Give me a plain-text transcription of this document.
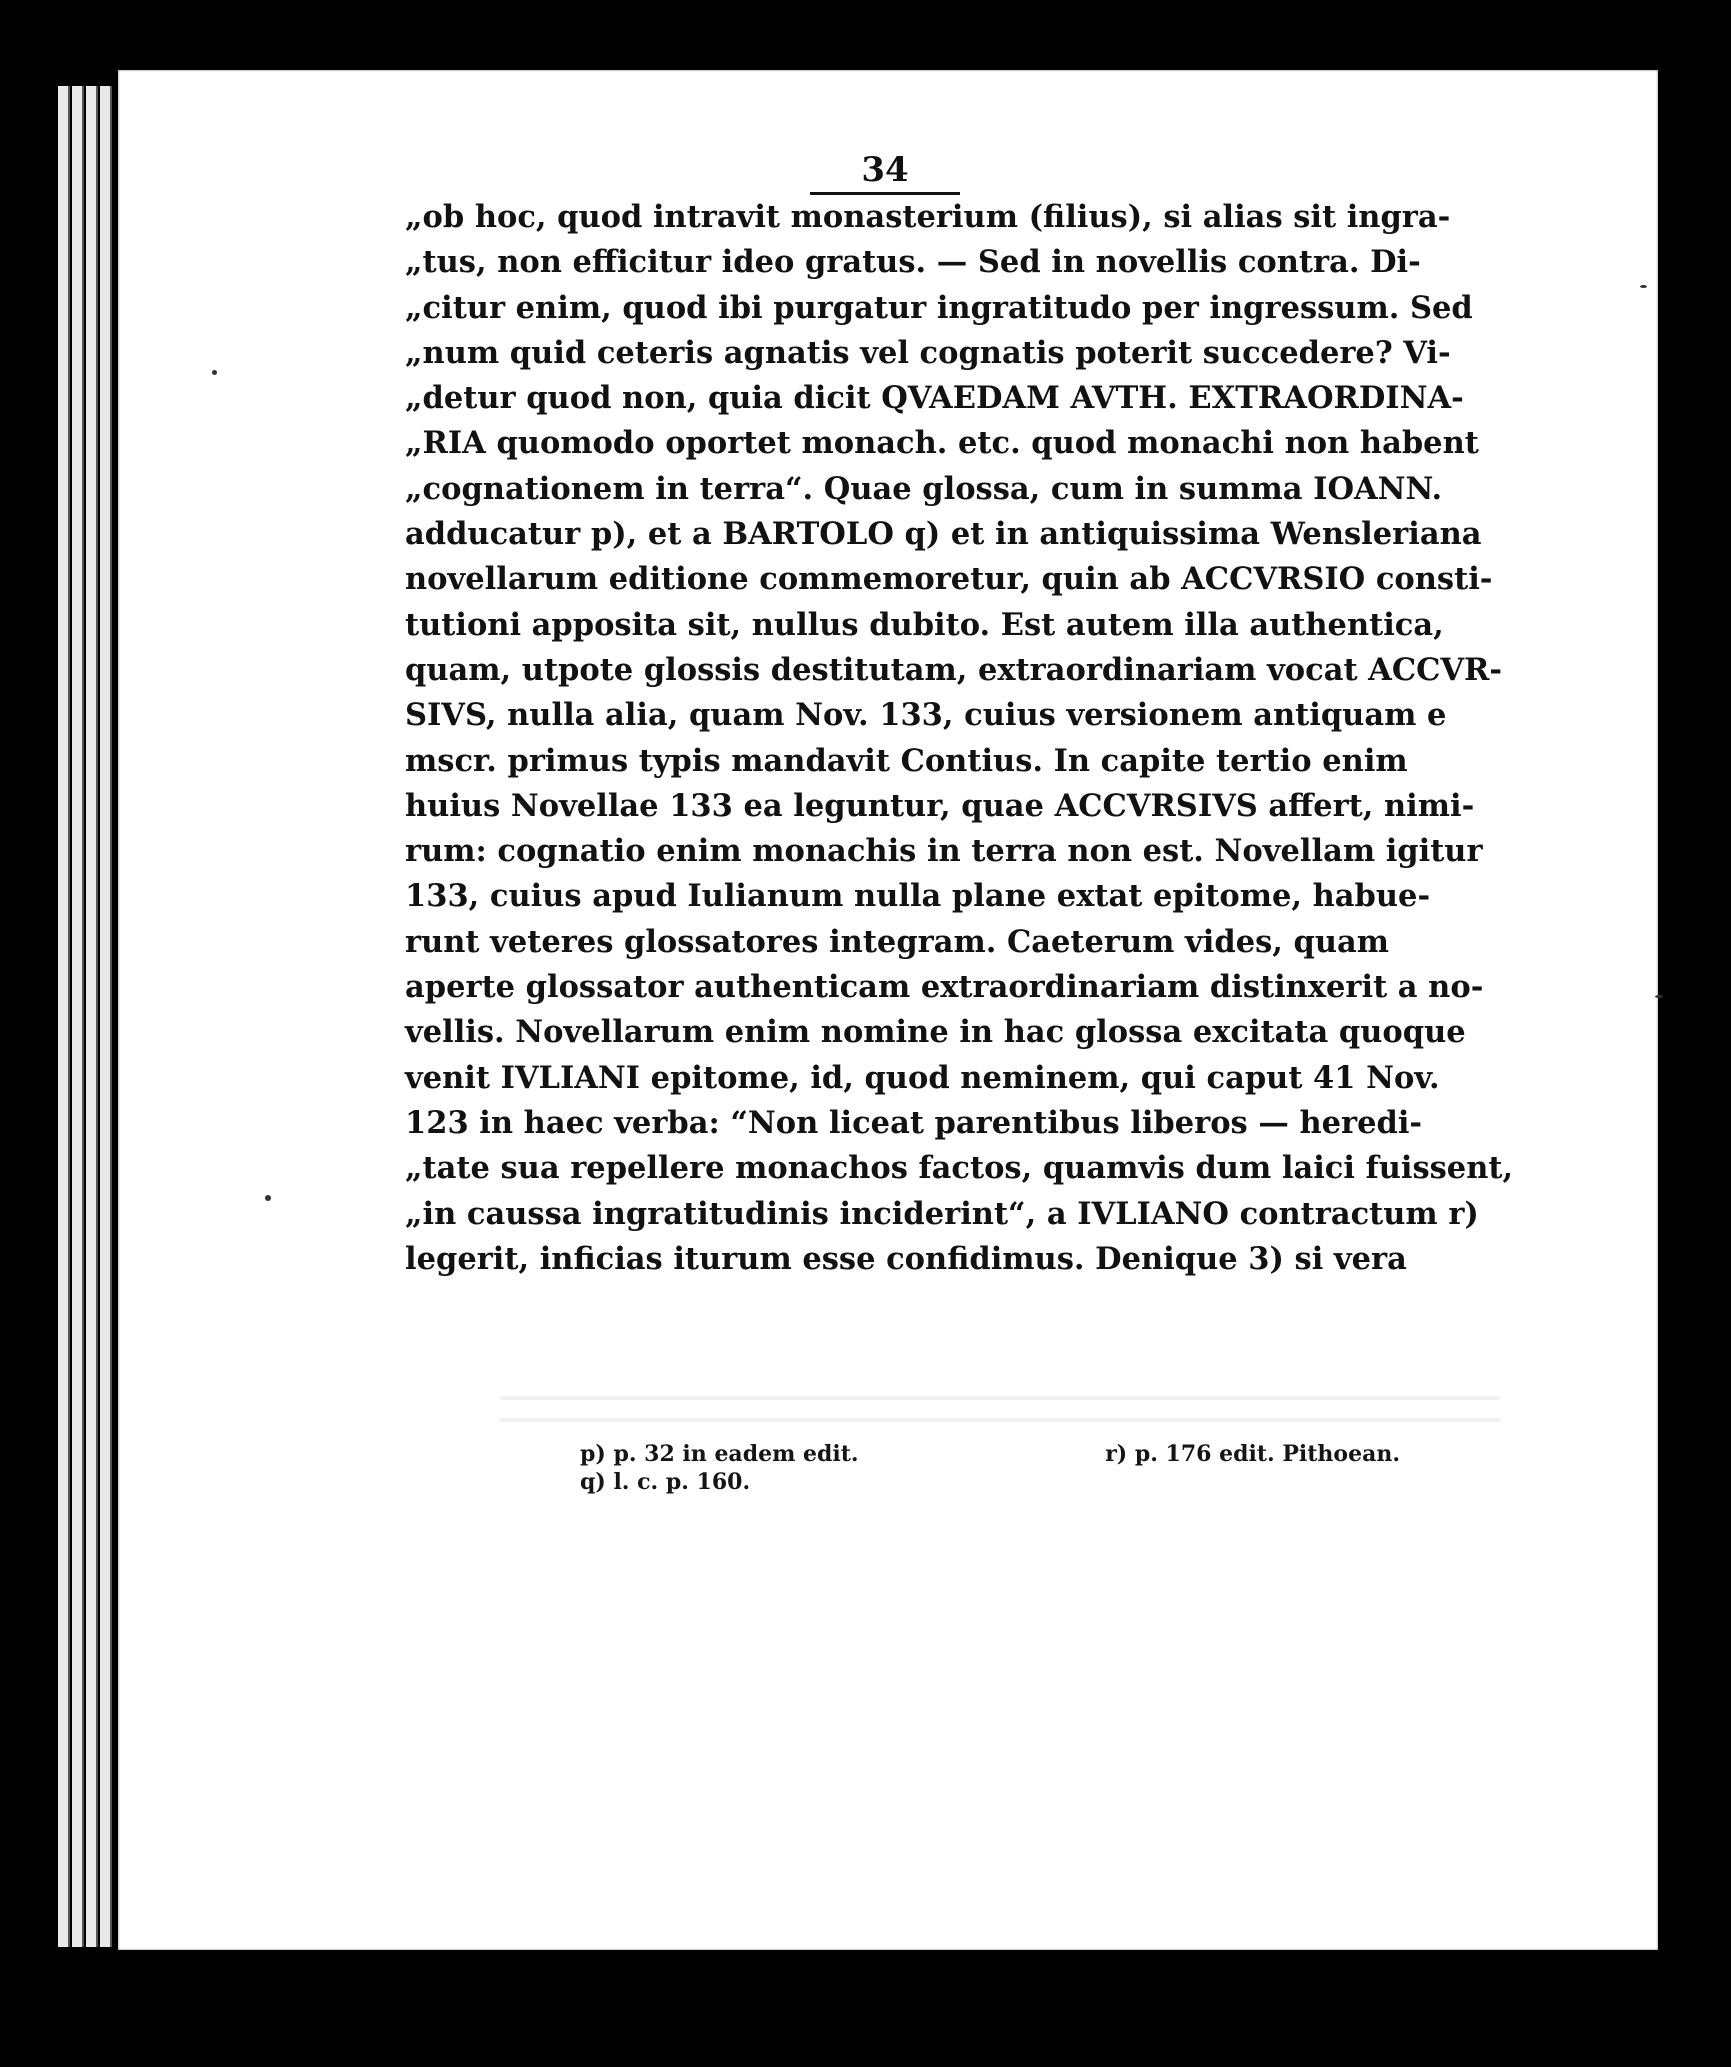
34
„ob hoc, quod intravit monasterium (filius), si alias sit ingra-
„tus, non efficitur ideo gratus. — Sed in novellis contra. Di-
„citur enim, quod ibi purgatur ingratitudo per ingressum. Sed
„num quid ceteris agnatis vel cognatis poterit succedere? Vi-
„detur quod non, quia dicit QVAEDAM AVTH. EXTRAORDINA-
„RIA quomodo oportet monach. etc. quod monachi non habent
„cognationem in terra“. Quae glossa, cum in summa IOANN.
adducatur p), et a BARTOLO q) et in antiquissima Wensleriana
novellarum editione commemoretur, quin ab ACCVRSIO consti-
tutioni apposita sit, nullus dubito. Est autem illa authentica,
quam, utpote glossis destitutam, extraordinariam vocat ACCVR-
SIVS, nulla alia, quam Nov. 133, cuius versionem antiquam e
mscr. primus typis mandavit Contius. In capite tertio enim
huius Novellae 133 ea leguntur, quae ACCVRSIVS affert, nimi-
rum: cognatio enim monachis in terra non est. Novellam igitur
133, cuius apud Iulianum nulla plane extat epitome, habue-
runt veteres glossatores integram. Caeterum vides, quam
aperte glossator authenticam extraordinariam distinxerit a no-
vellis. Novellarum enim nomine in hac glossa excitata quoque
venit IVLIANI epitome, id, quod neminem, qui caput 41 Nov.
123 in haec verba: “Non liceat parentibus liberos — heredi-
„tate sua repellere monachos factos, quamvis dum laici fuissent,
„in caussa ingratitudinis inciderint“, a IVLIANO contractum r)
legerit, inficias iturum esse confidimus. Denique 3) si vera
p) p. 32 in eadem edit.	r) p. 176 edit. Pithoean.
q) l. c. p. 160.
